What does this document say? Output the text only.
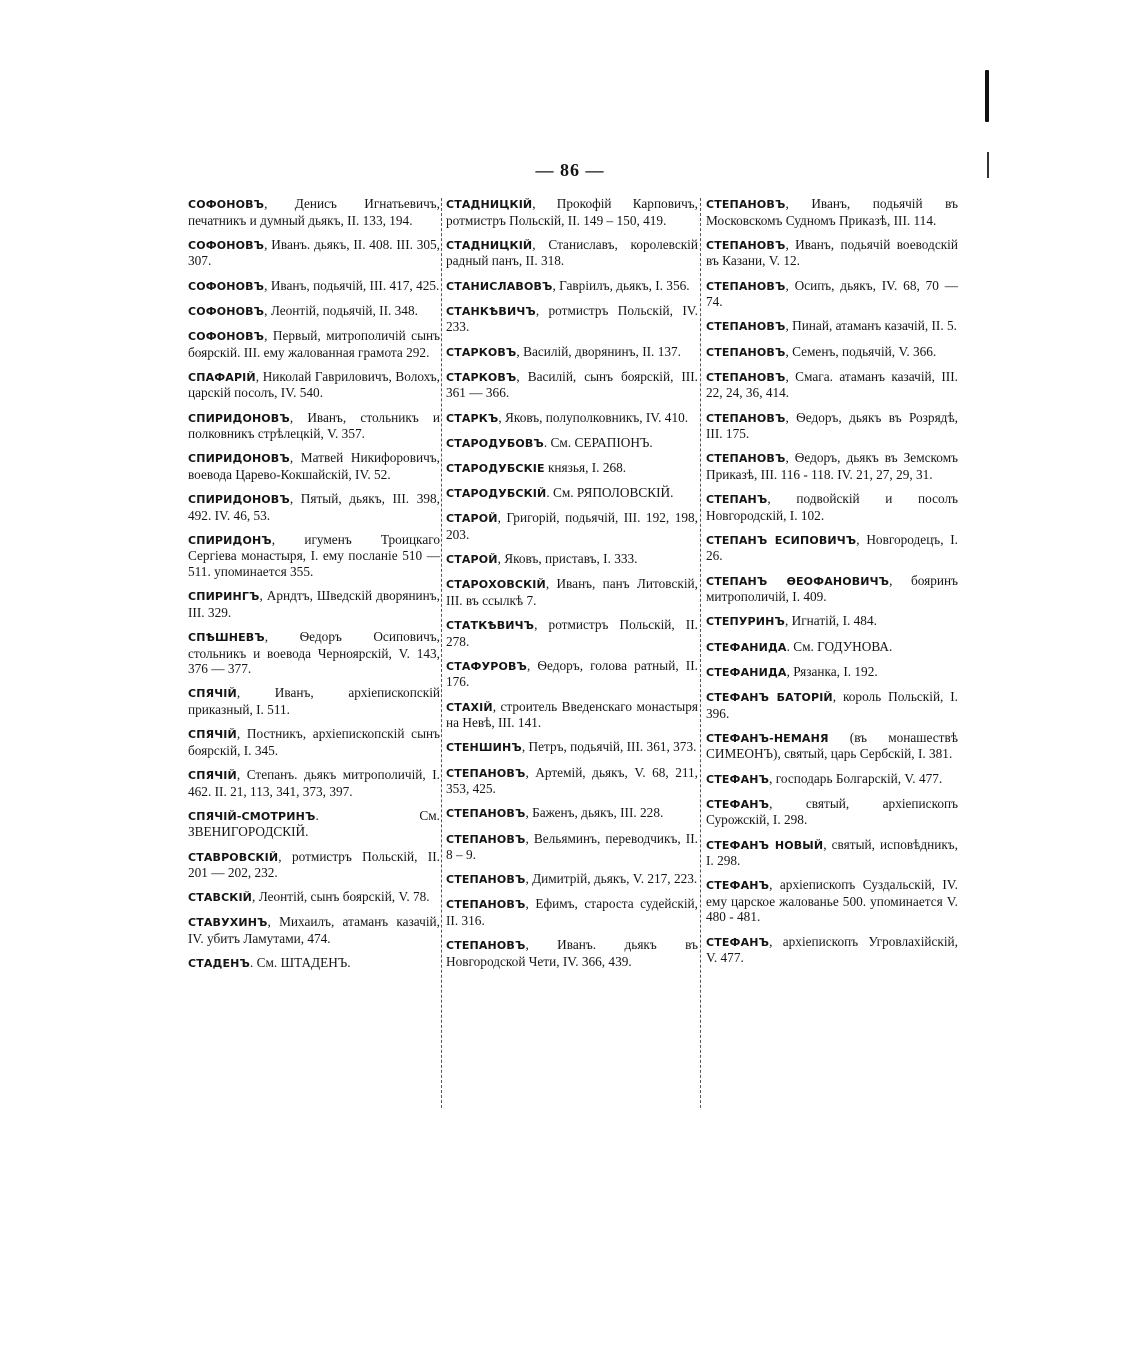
— 86 —
СОФОНОВЪ, Денисъ Игнатьевичъ, печатникъ и думный дьякъ, II. 133, 194.
СОФОНОВЪ, Иванъ. дьякъ, II. 408. III. 305, 307.
СОФОНОВЪ, Иванъ, подьячій, III. 417, 425.
СОФОНОВЪ, Леонтій, подьячій, II. 348.
СОФОНОВЪ, Первый, митрополичій сынъ боярскій. III. ему жалованная грамота 292.
СПАФАРІЙ, Николай Гавриловичъ, Волохъ, царскій посолъ, IV. 540.
СПИРИДОНОВЪ, Иванъ, стольникъ и полковникъ стрѣлецкій, V. 357.
СПИРИДОНОВЪ, Матвей Никифоровичъ, воевода Царево-Кокшайскій, IV. 52.
СПИРИДОНОВЪ, Пятый, дьякъ, III. 398, 492. IV. 46, 53.
СПИРИДОНЪ, игуменъ Троицкаго Сергіева монастыря, I. ему посланіе 510 — 511. упоминается 355.
СПИРИНГЪ, Арндтъ, Шведскій дворянинъ, III. 329.
СПѢШНЕВЪ, Ѳедоръ Осиповичъ, стольникъ и воевода Черноярскій, V. 143, 376 — 377.
СПЯЧІЙ, Иванъ, архіепископскій приказный, I. 511.
СПЯЧІЙ, Постникъ, архіепископскій сынъ боярскій, I. 345.
СПЯЧІЙ, Степанъ. дьякъ митрополичій, I. 462. II. 21, 113, 341, 373, 397.
СПЯЧІЙ-СМОТРИНЪ. См. ЗВЕНИГОРОДСКІЙ.
СТАВРОВСКІЙ, ротмистръ Польскій, II. 201 — 202, 232.
СТАВСКІЙ, Леонтій, сынъ боярскій, V. 78.
СТАВУХИНЪ, Михаилъ, атаманъ казачій, IV. убитъ Ламутами, 474.
СТАДЕНЪ. См. ШТАДЕНЪ.
СТАДНИЦКІЙ, Прокофій Карповичъ, ротмистръ Польскій, II. 149 – 150, 419.
СТАДНИЦКІЙ, Станиславъ, королевскій радный панъ, II. 318.
СТАНИСЛАВОВЪ, Гавріилъ, дьякъ, I. 356.
СТАНКѢВИЧЪ, ротмистръ Польскій, IV. 233.
СТАРКОВЪ, Василій, дворянинъ, II. 137.
СТАРКОВЪ, Василій, сынъ боярскій, III. 361 — 366.
СТАРКЪ, Яковъ, полуполковникъ, IV. 410.
СТАРОДУБОВЪ. См. СЕРАПІОНЪ.
СТАРОДУБСКІЕ князья, I. 268.
СТАРОДУБСКІЙ. См. РЯПОЛОВСКІЙ.
СТАРОЙ, Григорій, подьячій, III. 192, 198, 203.
СТАРОЙ, Яковъ, приставъ, I. 333.
СТАРОХОВСКІЙ, Иванъ, панъ Литовскій, III. въ ссылкѣ 7.
СТАТКѢВИЧЪ, ротмистръ Польскій, II. 278.
СТАФУРОВЪ, Ѳедоръ, голова ратный, II. 176.
СТАХІЙ, строитель Введенскаго монастыря на Невѣ, III. 141.
СТЕНШИНЪ, Петръ, подьячій, III. 361, 373.
СТЕПАНОВЪ, Артемій, дьякъ, V. 68, 211, 353, 425.
СТЕПАНОВЪ, Баженъ, дьякъ, III. 228.
СТЕПАНОВЪ, Вельяминъ, переводчикъ, II. 8 – 9.
СТЕПАНОВЪ, Димитрій, дьякъ, V. 217, 223.
СТЕПАНОВЪ, Ефимъ, староста судейскій, II. 316.
СТЕПАНОВЪ, Иванъ. дьякъ въ Новгородской Чети, IV. 366, 439.
СТЕПАНОВЪ, Иванъ, подьячій въ Московскомъ Судномъ Приказѣ, III. 114.
СТЕПАНОВЪ, Иванъ, подьячій воеводскій въ Казани, V. 12.
СТЕПАНОВЪ, Осипъ, дьякъ, IV. 68, 70 — 74.
СТЕПАНОВЪ, Пинай, атаманъ казачій, II. 5.
СТЕПАНОВЪ, Семенъ, подьячій, V. 366.
СТЕПАНОВЪ, Смага. атаманъ казачій, III. 22, 24, 36, 414.
СТЕПАНОВЪ, Ѳедоръ, дьякъ въ Розрядѣ, III. 175.
СТЕПАНОВЪ, Ѳедоръ, дьякъ въ Земскомъ Приказѣ, III. 116 - 118. IV. 21, 27, 29, 31.
СТЕПАНЪ, подвойскій и посолъ Новгородскій, I. 102.
СТЕПАНЪ ЕСИПОВИЧЪ, Новгородецъ, I. 26.
СТЕПАНЪ ѲЕОФАНОВИЧЪ, бояринъ митрополичій, I. 409.
СТЕПУРИНЪ, Игнатій, I. 484.
СТЕФАНИДА. См. ГОДУНОВА.
СТЕФАНИДА, Рязанка, I. 192.
СТЕФАНЪ БАТОРІЙ, король Польскій, I. 396.
СТЕФАНЪ-НЕМАНЯ (въ монашествѣ СИМЕОНЪ), святый, царь Сербскій, I. 381.
СТЕФАНЪ, господарь Болгарскій, V. 477.
СТЕФАНЪ, святый, архіепископъ Сурожскій, I. 298.
СТЕФАНЪ НОВЫЙ, святый, исповѣдникъ, I. 298.
СТЕФАНЪ, архіепископъ Суздальскій, IV. ему царское жалованье 500. упоминается V. 480 - 481.
СТЕФАНЪ, архіепископъ Угровлахійскій, V. 477.
